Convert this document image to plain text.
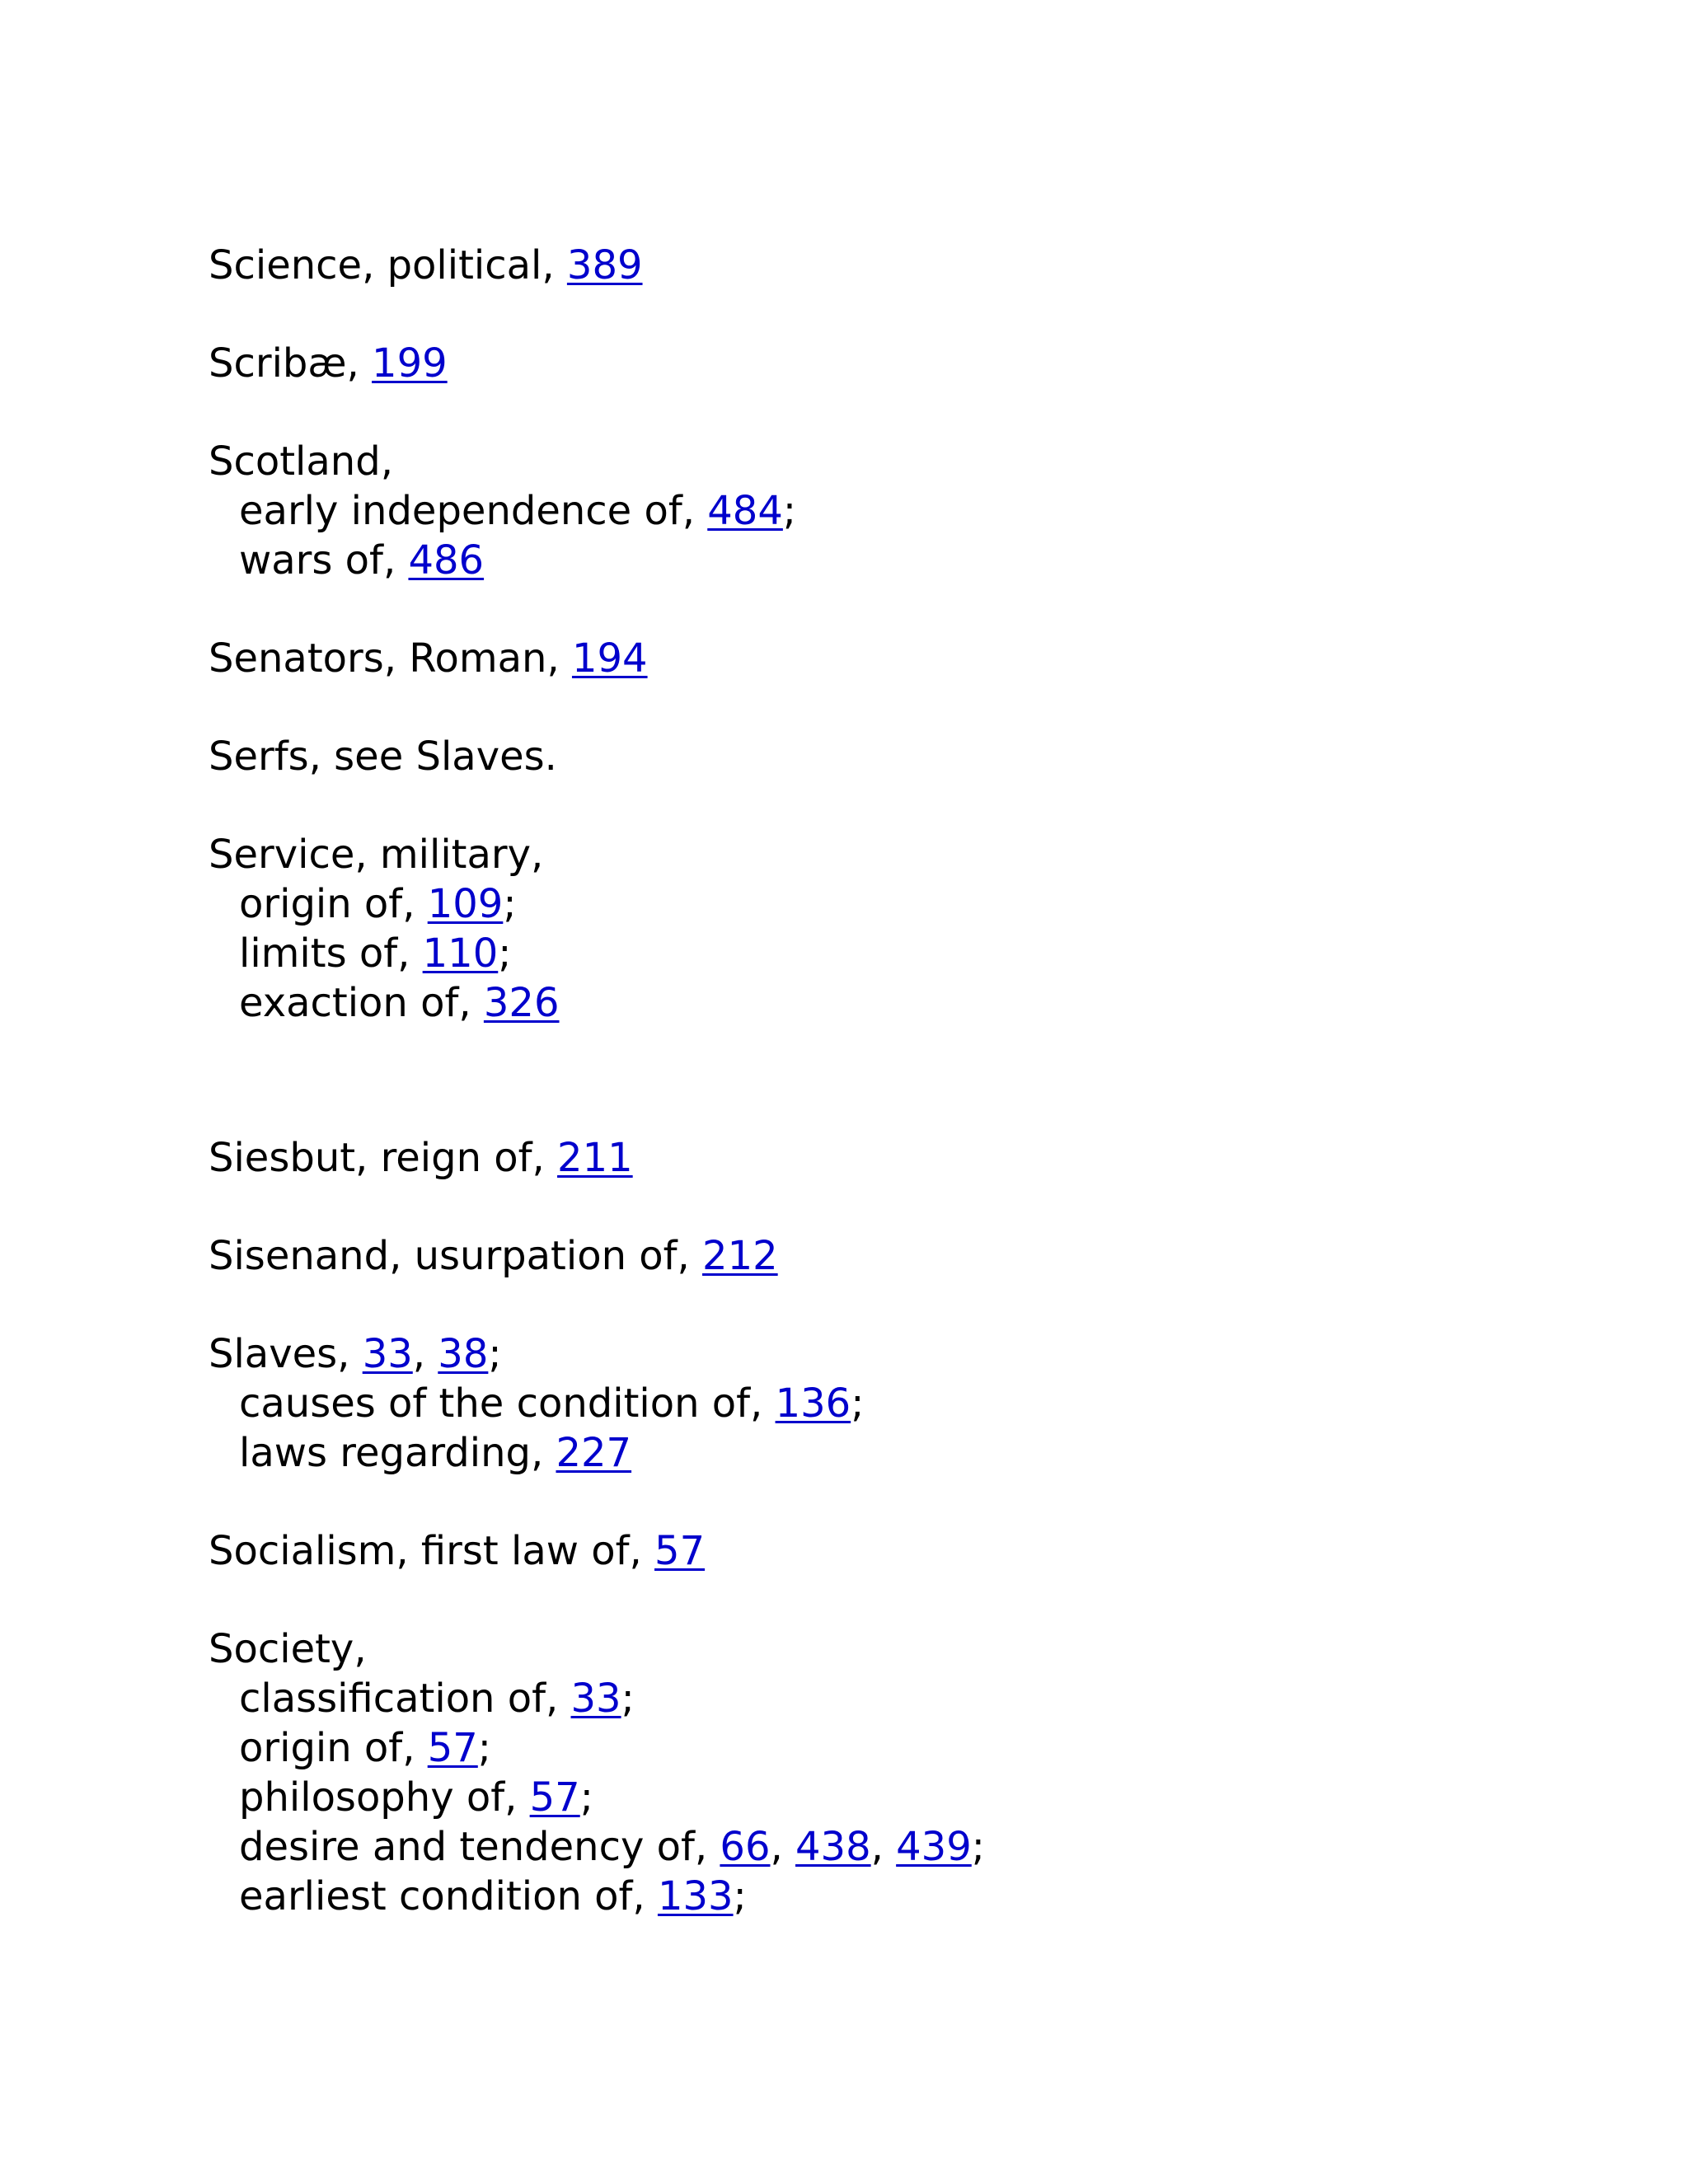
Science, political, 389
Scribæ, 199
Scotland,
early independence of, 484;
wars of, 486
Senators, Roman, 194
Serfs, see Slaves.
Service, military,
origin of, 109;
limits of, 110;
exaction of, 326
Siesbut, reign of, 211
Sisenand, usurpation of, 212
Slaves, 33, 38;
causes of the condition of, 136;
laws regarding, 227
Socialism, first law of, 57
Society,
classification of, 33;
origin of, 57;
philosophy of, 57;
desire and tendency of, 66, 438, 439;
earliest condition of, 133;
